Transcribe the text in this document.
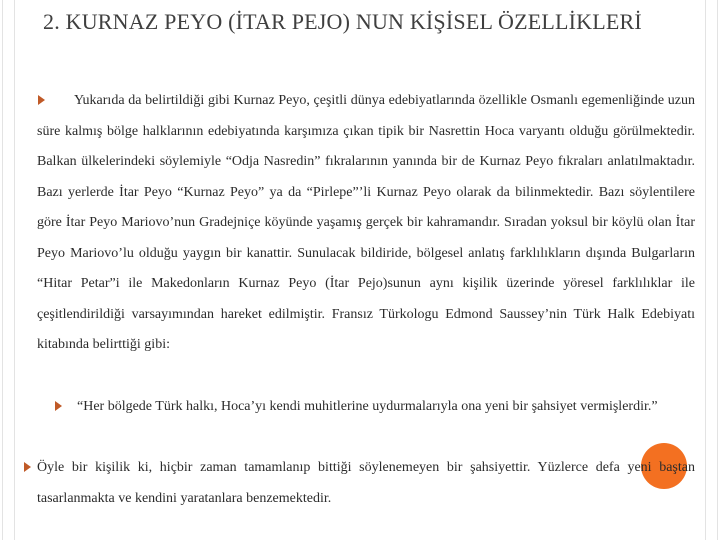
2. KURNAZ PEYO (İTAR PEJO) NUN KİŞİSEL ÖZELLİKLERİ

Yukarıda da belirtildiği gibi Kurnaz Peyo, çeşitli dünya edebiyatlarında özellikle Osmanlı egemenliğinde uzun süre kalmış bölge halklarının edebiyatında karşımıza çıkan tipik bir Nasrettin Hoca varyantı olduğu görülmektedir. Balkan ülkelerindeki söylemiyle “Odja Nasredin” fıkralarının yanında bir de Kurnaz Peyo fıkraları anlatılmaktadır. Bazı yerlerde İtar Peyo “Kurnaz Peyo” ya da “Pirlepe”’li Kurnaz Peyo olarak da bilinmektedir. Bazı söylentilere göre İtar Peyo Mariovo’nun Gradejniçe köyünde yaşamış gerçek bir kahramandır. Sıradan yoksul bir köylü olan İtar Peyo Mariovo’lu olduğu yaygın bir kanattir. Sunulacak bildiride, bölgesel anlatış farklılıkların dışında Bulgarların “Hitar Petar”i ile Makedonların Kurnaz Peyo (İtar Pejo)sunun aynı kişilik üzerinde yöresel farklılıklar ile çeşitlendirildiği varsayımından hareket edilmiştir. Fransız Türkologu Edmond Saussey’nin Türk Halk Edebiyatı kitabında belirttiği gibi:

“Her bölgede Türk halkı, Hoca’yı kendi muhitlerine uydurmalarıyla ona yeni bir şahsiyet vermişlerdir.”

Öyle bir kişilik ki, hiçbir zaman tamamlanıp bittiği söylenemeyen bir şahsiyettir. Yüzlerce defa yeni baştan tasarlanmakta ve kendini yaratanlara benzemektedir.
